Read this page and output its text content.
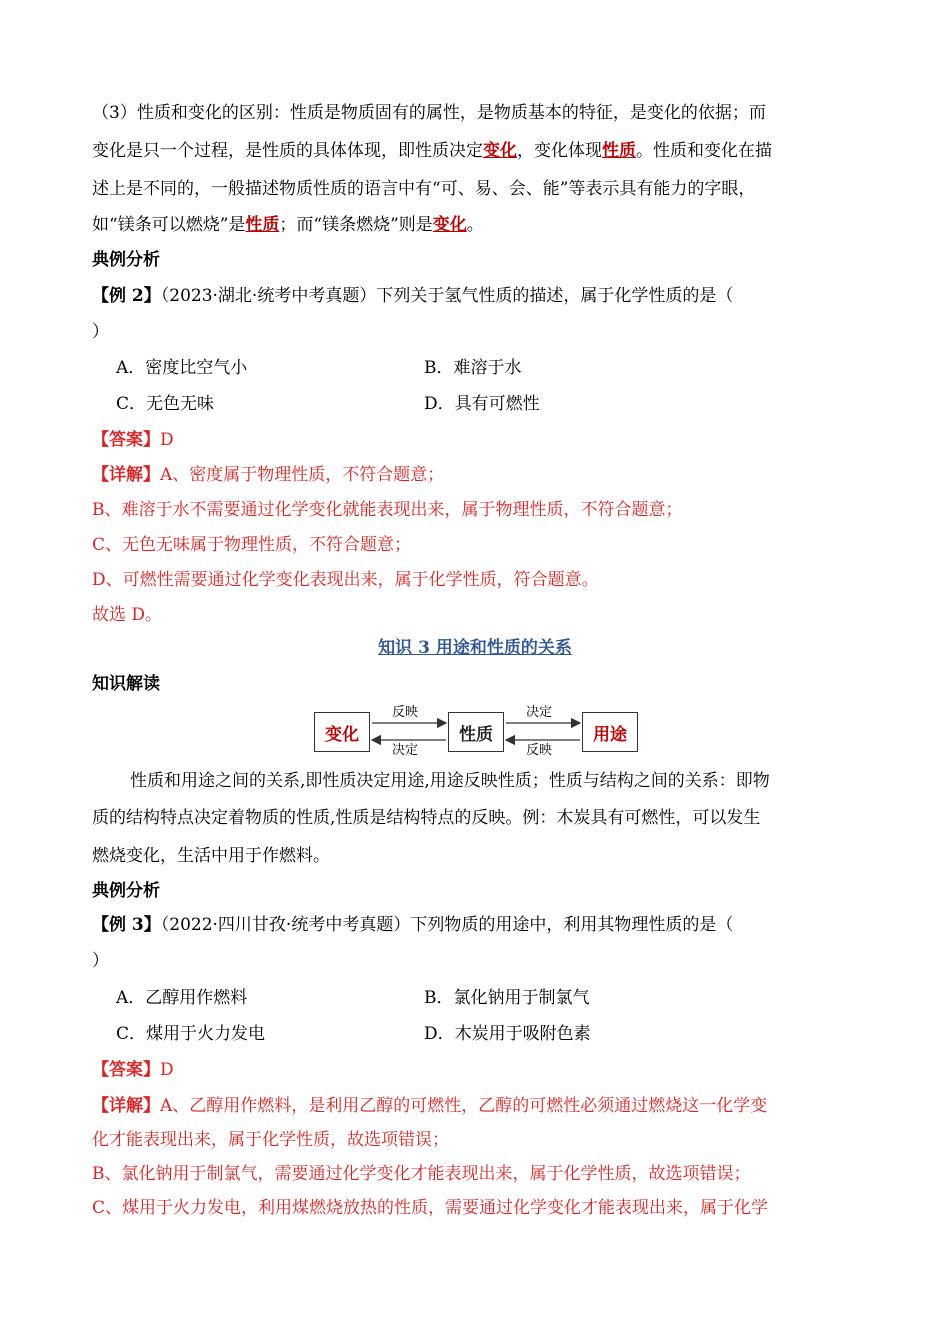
（3）性质和变化的区别：性质是物质固有的属性，是物质基本的特征，是变化的依据；而
变化是只一个过程，是性质的具体体现，即性质决定变化，变化体现性质。性质和变化在描
述上是不同的，一般描述物质性质的语言中有“可、易、会、能”等表示具有能力的字眼，
如“镁条可以燃烧”是性质；而“镁条燃烧”则是变化。
典例分析
【例 2】（2023·湖北·统考中考真题）下列关于氢气性质的描述，属于化学性质的是（
）
A．密度比空气小	B．难溶于水
C．无色无味	D．具有可燃性
【答案】D
【详解】A、密度属于物理性质，不符合题意；
B、难溶于水不需要通过化学变化就能表现出来，属于物理性质，不符合题意；
C、无色无味属于物理性质，不符合题意；
D、可燃性需要通过化学变化表现出来，属于化学性质，符合题意。
故选 D。
知识 3 用途和性质的关系
知识解读
变化	性质	用途
反映
决定
决定
反映
性质和用途之间的关系,即性质决定用途,用途反映性质；性质与结构之间的关系：即物
质的结构特点决定着物质的性质,性质是结构特点的反映。例：木炭具有可燃性，可以发生
燃烧变化，生活中用于作燃料。
典例分析
【例 3】（2022·四川甘孜·统考中考真题）下列物质的用途中，利用其物理性质的是（
）
A．乙醇用作燃料	B．氯化钠用于制氯气
C．煤用于火力发电	D．木炭用于吸附色素
【答案】D
【详解】A、乙醇用作燃料，是利用乙醇的可燃性，乙醇的可燃性必须通过燃烧这一化学变
化才能表现出来，属于化学性质，故选项错误；
B、氯化钠用于制氯气，需要通过化学变化才能表现出来，属于化学性质，故选项错误；
C、煤用于火力发电，利用煤燃烧放热的性质，需要通过化学变化才能表现出来，属于化学
